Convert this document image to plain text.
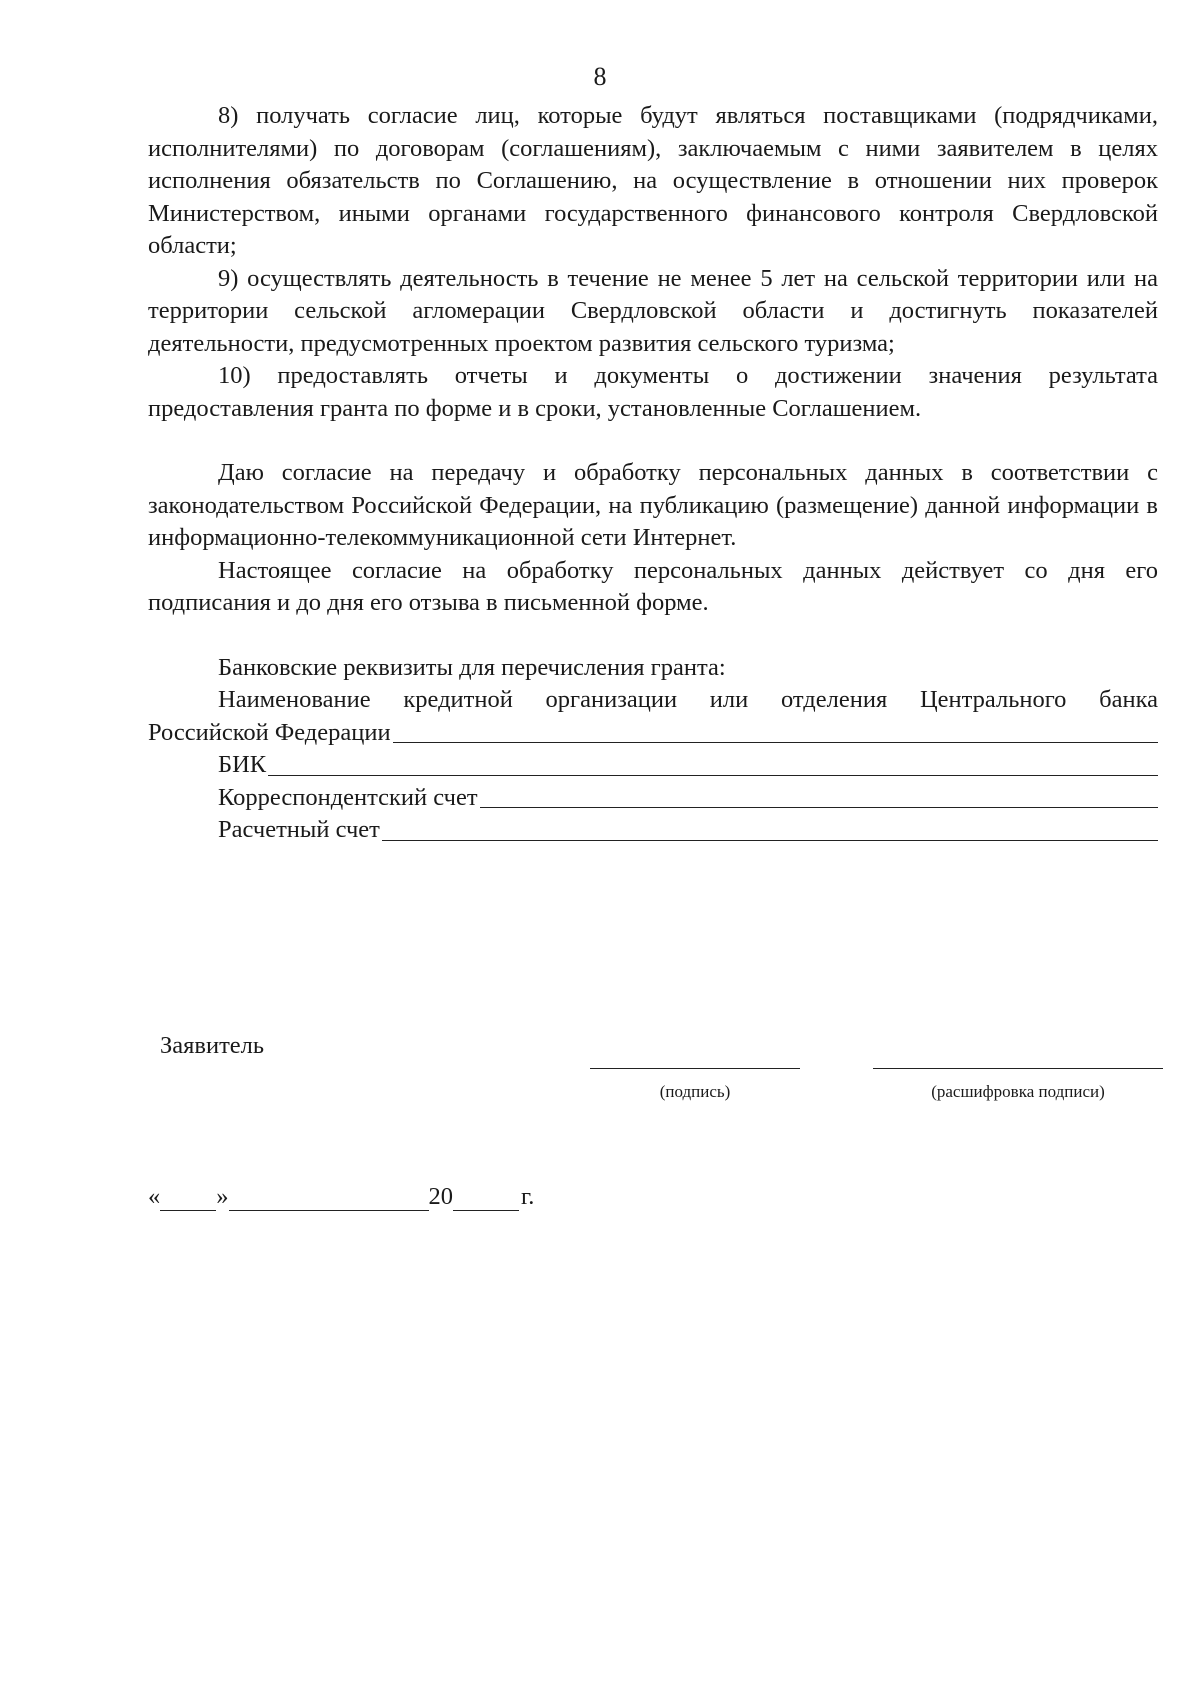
8

8) получать согласие лиц, которые будут являться поставщиками (подрядчиками, исполнителями) по договорам (соглашениям), заключаемым с ними заявителем в целях исполнения обязательств по Соглашению, на осуществление в отношении них проверок Министерством, иными органами государственного финансового контроля Свердловской области;

9) осуществлять деятельность в течение не менее 5 лет на сельской территории или на территории сельской агломерации Свердловской области и достигнуть показателей деятельности, предусмотренных проектом развития сельского туризма;

10) предоставлять отчеты и документы о достижении значения результата предоставления гранта по форме и в сроки, установленные Соглашением.

Даю согласие на передачу и обработку персональных данных в соответствии с законодательством Российской Федерации, на публикацию (размещение) данной информации в информационно-телекоммуникационной сети Интернет.

Настоящее согласие на обработку персональных данных действует со дня его подписания и до дня его отзыва в письменной форме.

Банковские реквизиты для перечисления гранта:

Наименование кредитной организации или отделения Центрального банка

Российской Федерации
БИК
Корреспондентский счет
Расчетный счет
Заявитель
(подпись)	(расшифровка подписи)
« »	20	г.
